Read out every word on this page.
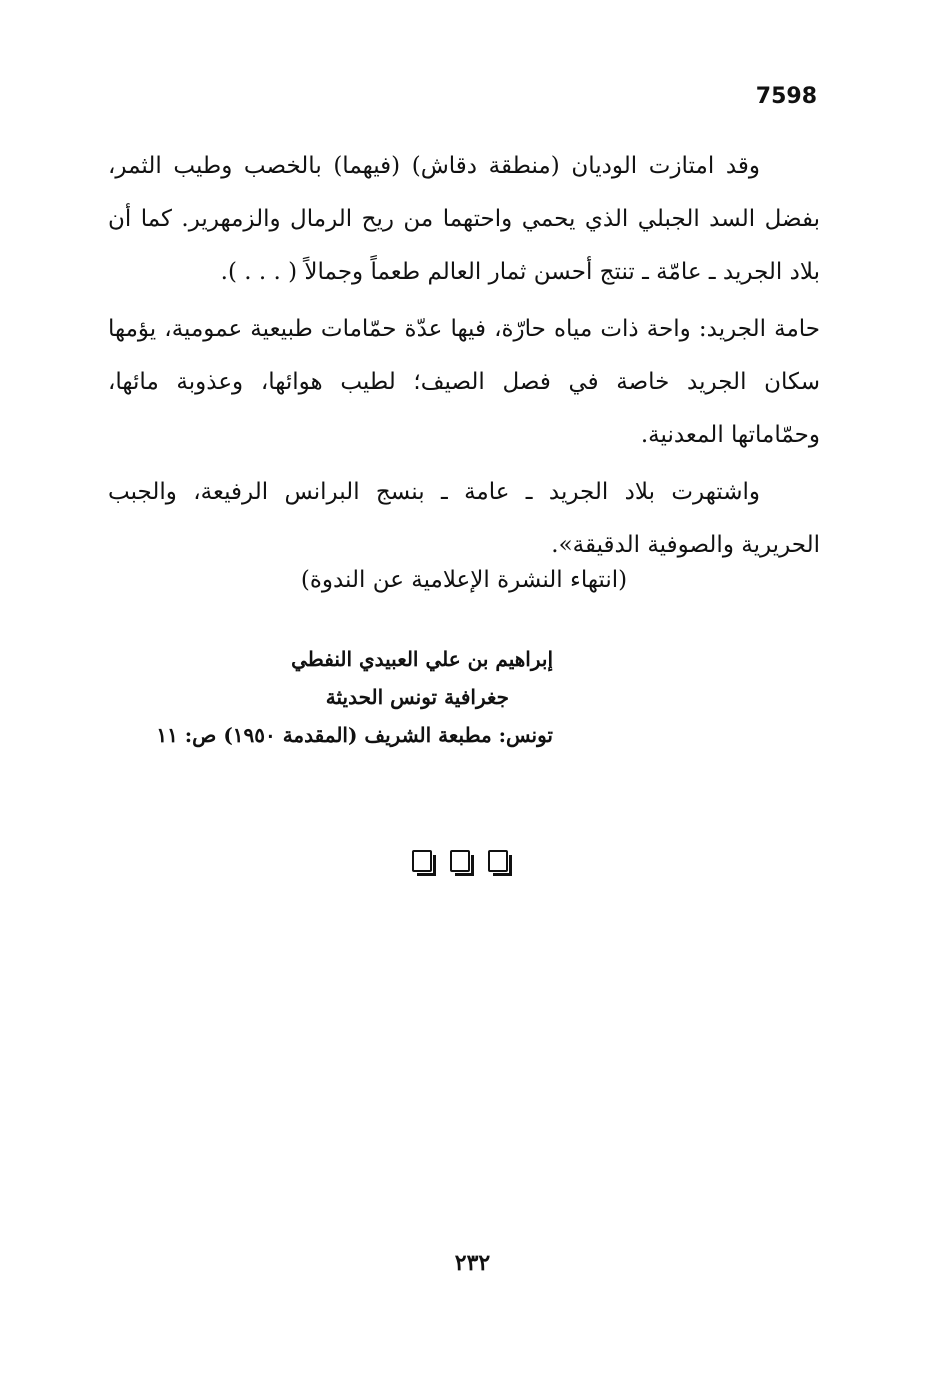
7598

وقد امتازت الوديان (منطقة دقاش) (فيهما) بالخصب وطيب الثمر، بفضل السد الجبلي الذي يحمي واحتهما من ريح الرمال والزمهرير. كما أن بلاد الجريد ـ عامّة ـ تنتج أحسن ثمار العالم طعماً وجمالاً ( . . . ).

حامة الجريد: واحة ذات مياه حارّة، فيها عدّة حمّامات طبيعية عمومية، يؤمها سكان الجريد خاصة في فصل الصيف؛ لطيب هوائها، وعذوبة مائها، وحمّاماتها المعدنية.

واشتهرت بلاد الجريد ـ عامة ـ بنسج البرانس الرفيعة، والجبب الحريرية والصوفية الدقيقة».

(انتهاء النشرة الإعلامية عن الندوة)
إبراهيم بن علي العبيدي النفطي
جغرافية تونس الحديثة
تونس: مطبعة الشريف (المقدمة ١٩٥٠) ص: ١١
٢٣٢
